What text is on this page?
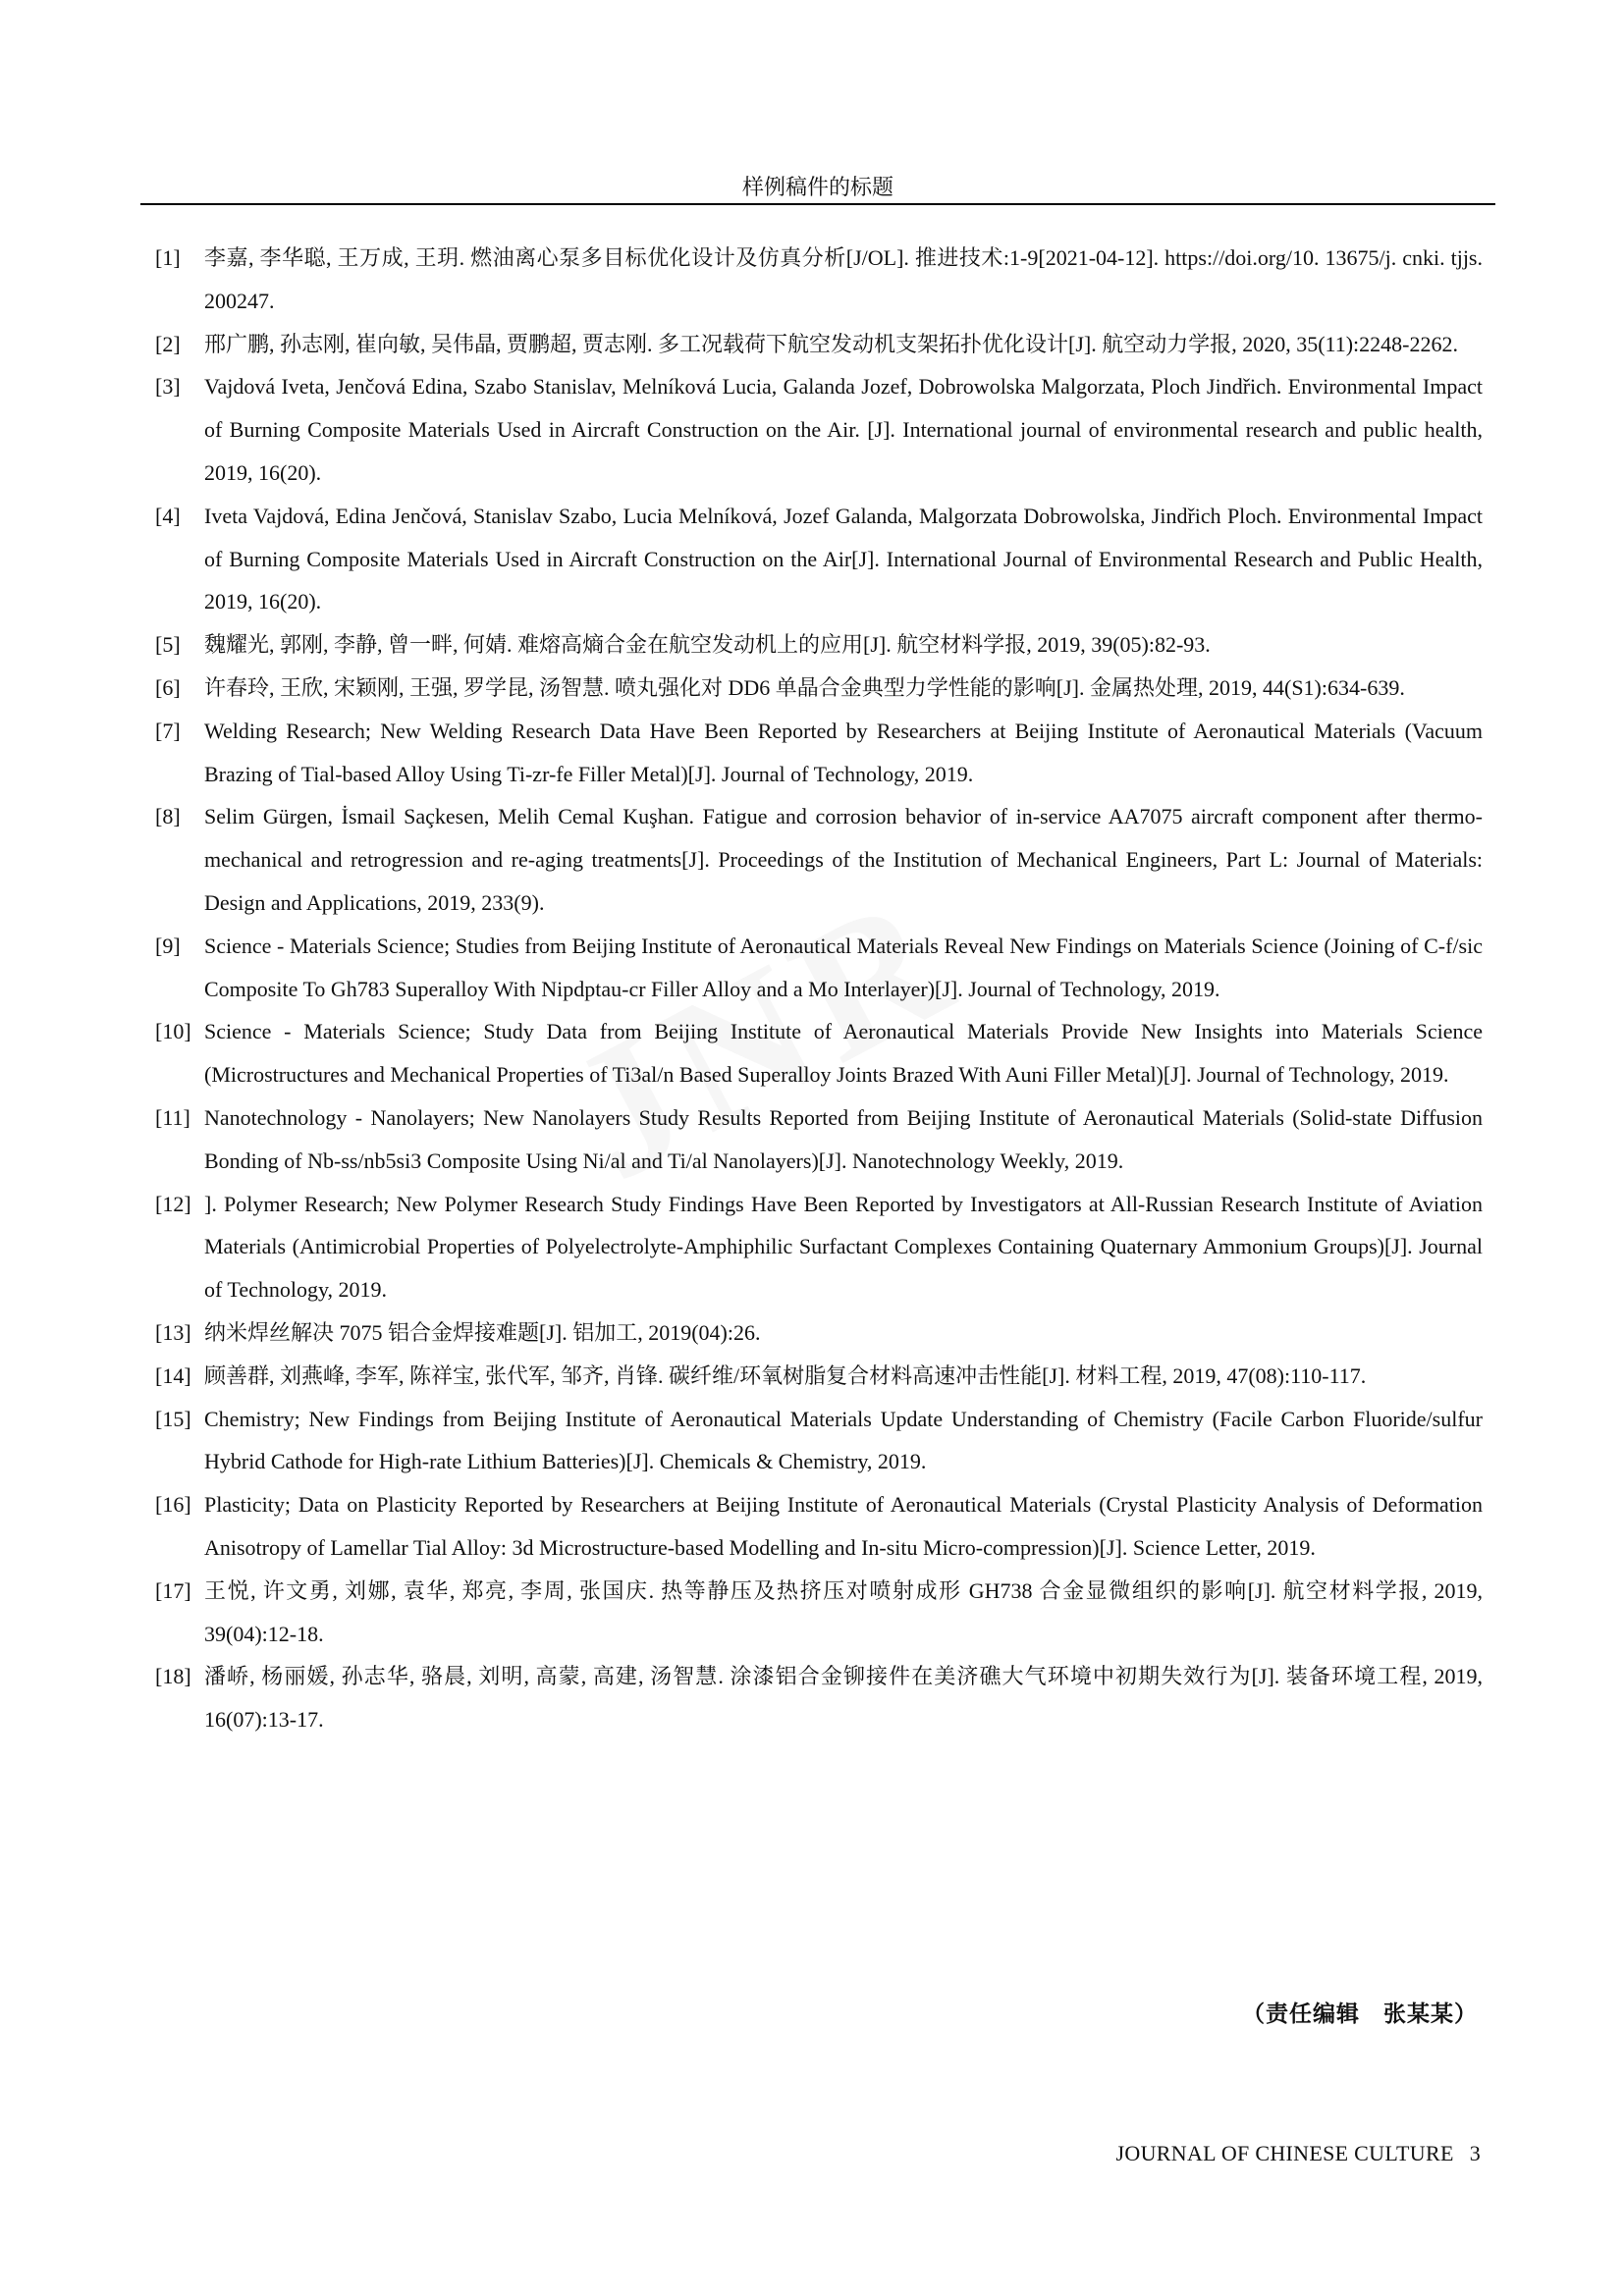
样例稿件的标题
[1]	李嘉, 李华聪, 王万成, 王玥. 燃油离心泵多目标优化设计及仿真分析[J/OL]. 推进技术:1-9[2021-04-12]. https://doi.org/10. 13675/j. cnki. tjjs. 200247.
[2]	邢广鹏, 孙志刚, 崔向敏, 吴伟晶, 贾鹏超, 贾志刚. 多工况载荷下航空发动机支架拓扑优化设计[J]. 航空动力学报, 2020, 35(11):2248-2262.
[3]	Vajdová Iveta, Jenčová Edina, Szabo Stanislav, Melníková Lucia, Galanda Jozef, Dobrowolska Malgorzata, Ploch Jindřich. Environmental Impact of Burning Composite Materials Used in Aircraft Construction on the Air. [J]. International journal of environmental research and public health, 2019, 16(20).
[4]	Iveta Vajdová, Edina Jenčová, Stanislav Szabo, Lucia Melníková, Jozef Galanda, Malgorzata Dobrowolska, Jindřich Ploch. Environmental Impact of Burning Composite Materials Used in Aircraft Construction on the Air[J]. International Journal of Environmental Research and Public Health, 2019, 16(20).
[5]	魏耀光, 郭刚, 李静, 曾一畔, 何婧. 难熔高熵合金在航空发动机上的应用[J]. 航空材料学报, 2019, 39(05):82-93.
[6]	许春玲, 王欣, 宋颖刚, 王强, 罗学昆, 汤智慧. 喷丸强化对 DD6 单晶合金典型力学性能的影响[J]. 金属热处理, 2019, 44(S1):634-639.
[7]	Welding Research; New Welding Research Data Have Been Reported by Researchers at Beijing Institute of Aeronautical Materials (Vacuum Brazing of Tial-based Alloy Using Ti-zr-fe Filler Metal)[J]. Journal of Technology, 2019.
[8]	Selim Gürgen, İsmail Saçkesen, Melih Cemal Kuşhan. Fatigue and corrosion behavior of in-service AA7075 aircraft component after thermo-mechanical and retrogression and re-aging treatments[J]. Proceedings of the Institution of Mechanical Engineers, Part L: Journal of Materials: Design and Applications, 2019, 233(9).
[9]	Science - Materials Science; Studies from Beijing Institute of Aeronautical Materials Reveal New Findings on Materials Science (Joining of C-f/sic Composite To Gh783 Superalloy With Nipdptau-cr Filler Alloy and a Mo Interlayer)[J]. Journal of Technology, 2019.
[10] Science - Materials Science; Study Data from Beijing Institute of Aeronautical Materials Provide New Insights into Materials Science (Microstructures and Mechanical Properties of Ti3al/n Based Superalloy Joints Brazed With Auni Filler Metal)[J]. Journal of Technology, 2019.
[11] Nanotechnology - Nanolayers; New Nanolayers Study Results Reported from Beijing Institute of Aeronautical Materials (Solid-state Diffusion Bonding of Nb-ss/nb5si3 Composite Using Ni/al and Ti/al Nanolayers)[J]. Nanotechnology Weekly, 2019.
[12] ]. Polymer Research; New Polymer Research Study Findings Have Been Reported by Investigators at All-Russian Research Institute of Aviation Materials (Antimicrobial Properties of Polyelectrolyte-Amphiphilic Surfactant Complexes Containing Quaternary Ammonium Groups)[J]. Journal of Technology, 2019.
[13] 纳米焊丝解决 7075 铝合金焊接难题[J]. 铝加工, 2019(04):26.
[14] 顾善群, 刘燕峰, 李军, 陈祥宝, 张代军, 邹齐, 肖锋. 碳纤维/环氧树脂复合材料高速冲击性能[J]. 材料工程, 2019, 47(08):110-117.
[15] Chemistry; New Findings from Beijing Institute of Aeronautical Materials Update Understanding of Chemistry (Facile Carbon Fluoride/sulfur Hybrid Cathode for High-rate Lithium Batteries)[J]. Chemicals & Chemistry, 2019.
[16] Plasticity; Data on Plasticity Reported by Researchers at Beijing Institute of Aeronautical Materials (Crystal Plasticity Analysis of Deformation Anisotropy of Lamellar Tial Alloy: 3d Microstructure-based Modelling and In-situ Micro-compression)[J]. Science Letter, 2019.
[17] 王悦, 许文勇, 刘娜, 袁华, 郑亮, 李周, 张国庆. 热等静压及热挤压对喷射成形 GH738 合金显微组织的影响[J]. 航空材料学报, 2019, 39(04):12-18.
[18] 潘峤, 杨丽媛, 孙志华, 骆晨, 刘明, 高蒙, 高建, 汤智慧. 涂漆铝合金铆接件在美济礁大气环境中初期失效行为[J]. 装备环境工程, 2019, 16(07):13-17.
（责任编辑　张某某）
JOURNAL OF CHINESE CULTURE 3
